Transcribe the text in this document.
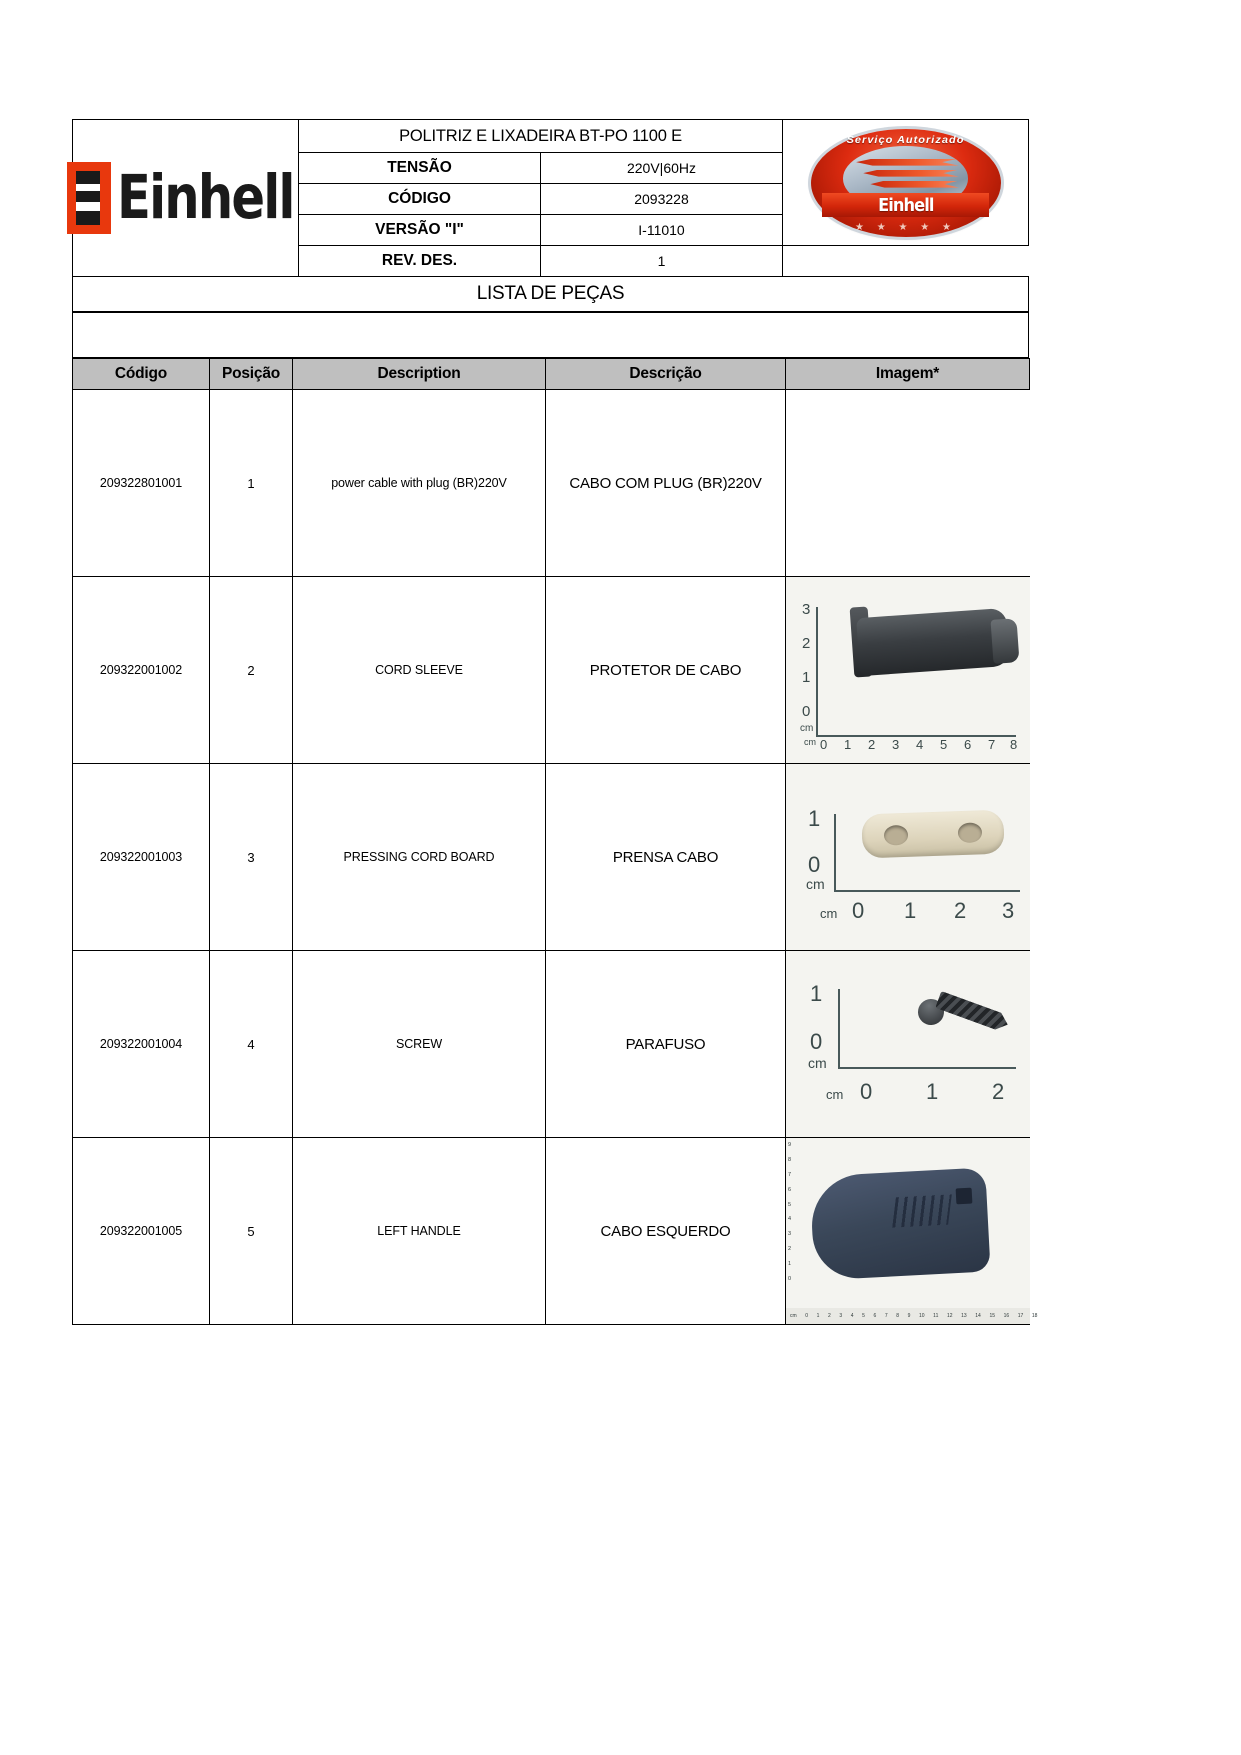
Einhell	POLITRIZ E LIXADEIRA BT-PO 1100 E		Serviço Autorizado
Einhell
★ ★ ★ ★ ★

	TENSÃO	220V|60Hz	
	CÓDIGO	2093228	
	VERSÃO "I"	I-11010	
	REV. DES.	1	
LISTA DE PEÇAS			
Código	Posição	Description	Descrição	Imagem*
209322801001	1	power cable with plug (BR)220V	CABO COM PLUG (BR)220V	

209322001002	2	CORD SLEEVE	PROTETOR DE CABO	
3
2
1
0
cm
cm 0 1 2 3 4 5 6 7 8

209322001003	3	PRESSING CORD BOARD	PRENSA CABO	
1
0
cm
cm 0 1 2 3

209322001004	4	SCREW	PARAFUSO	
1
0
cm
cm 0 1 2

209322001005	5	LEFT HANDLE	CABO ESQUERDO	
9
8
7
6
5
4
3
2
1
0
cm 0 1 2 3 4 5 6 7 8 9 10 11 12 13 14 15 16 17 18
